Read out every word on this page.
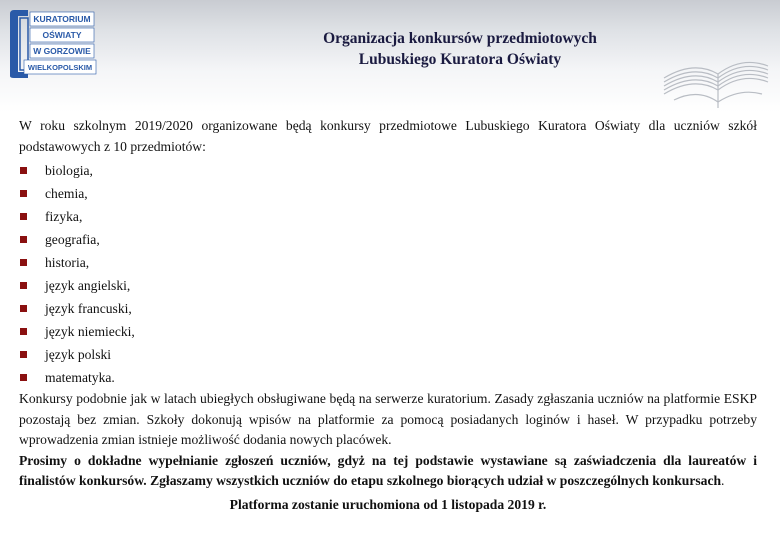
KURATORIUM
OŚWIATY
W GORZOWIE
WIELKOPOLSKIM
Organizacja konkursów przedmiotowych
Lubuskiego Kuratora Oświaty

W roku szkolnym 2019/2020 organizowane będą konkursy przedmiotowe Lubuskiego Kuratora Oświaty dla uczniów szkół podstawowych z 10 przedmiotów:

biologia,
chemia,
fizyka,
geografia,
historia,
język angielski,
język francuski,
język niemiecki,
język polski
matematyka.

Konkursy podobnie jak w latach ubiegłych obsługiwane będą na serwerze kuratorium. Zasady zgłaszania uczniów na platformie ESKP pozostają bez zmian. Szkoły dokonują wpisów na platformie za pomocą posiadanych loginów i haseł. W przypadku potrzeby wprowadzenia zmian istnieje możliwość dodania nowych placówek.

Prosimy o dokładne wypełnianie zgłoszeń uczniów, gdyż na tej podstawie wystawiane są zaświadczenia dla laureatów i finalistów konkursów. Zgłaszamy wszystkich uczniów do etapu szkolnego biorących udział w poszczególnych konkursach.

Platforma zostanie uruchomiona od 1 listopada 2019 r.
